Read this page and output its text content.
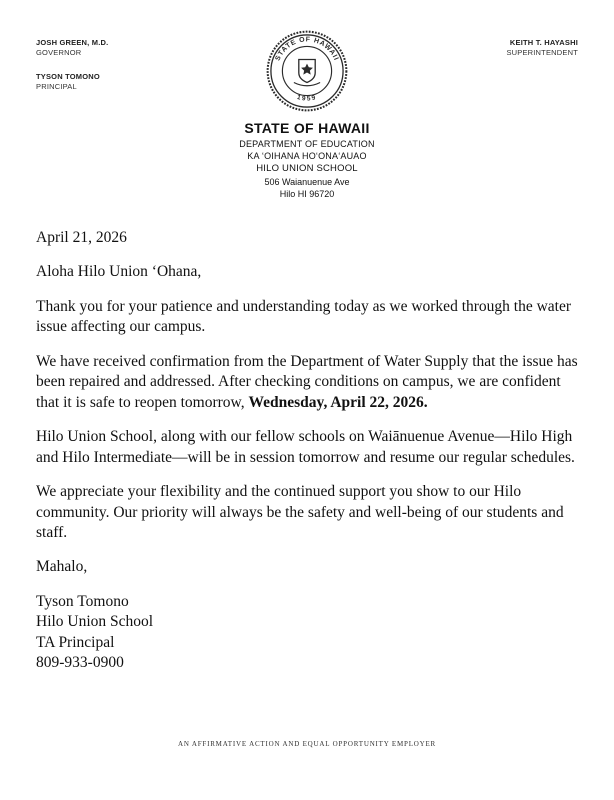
JOSH GREEN, M.D.
GOVERNOR
TYSON TOMONO
PRINCIPAL
KEITH T. HAYASHI
SUPERINTENDENT
STATE OF HAWAII
1959
STATE OF HAWAII
DEPARTMENT OF EDUCATION
KA ʻOIHANA HOʻONAʻAUAO
HILO UNION SCHOOL
506 Waianuenue Ave
Hilo HI 96720

April 21, 2026

Aloha Hilo Union ʻOhana,

Thank you for your patience and understanding today as we worked through the water issue affecting our campus.

We have received confirmation from the Department of Water Supply that the issue has been repaired and addressed. After checking conditions on campus, we are confident that it is safe to reopen tomorrow, Wednesday, April 22, 2026.

Hilo Union School, along with our fellow schools on Waiānuenue Avenue—Hilo High and Hilo Intermediate—will be in session tomorrow and resume our regular schedules.

We appreciate your flexibility and the continued support you show to our Hilo community. Our priority will always be the safety and well-being of our students and staff.

Mahalo,

Tyson Tomono

Hilo Union School

TA Principal

809-933-0900

AN AFFIRMATIVE ACTION AND EQUAL OPPORTUNITY EMPLOYER
